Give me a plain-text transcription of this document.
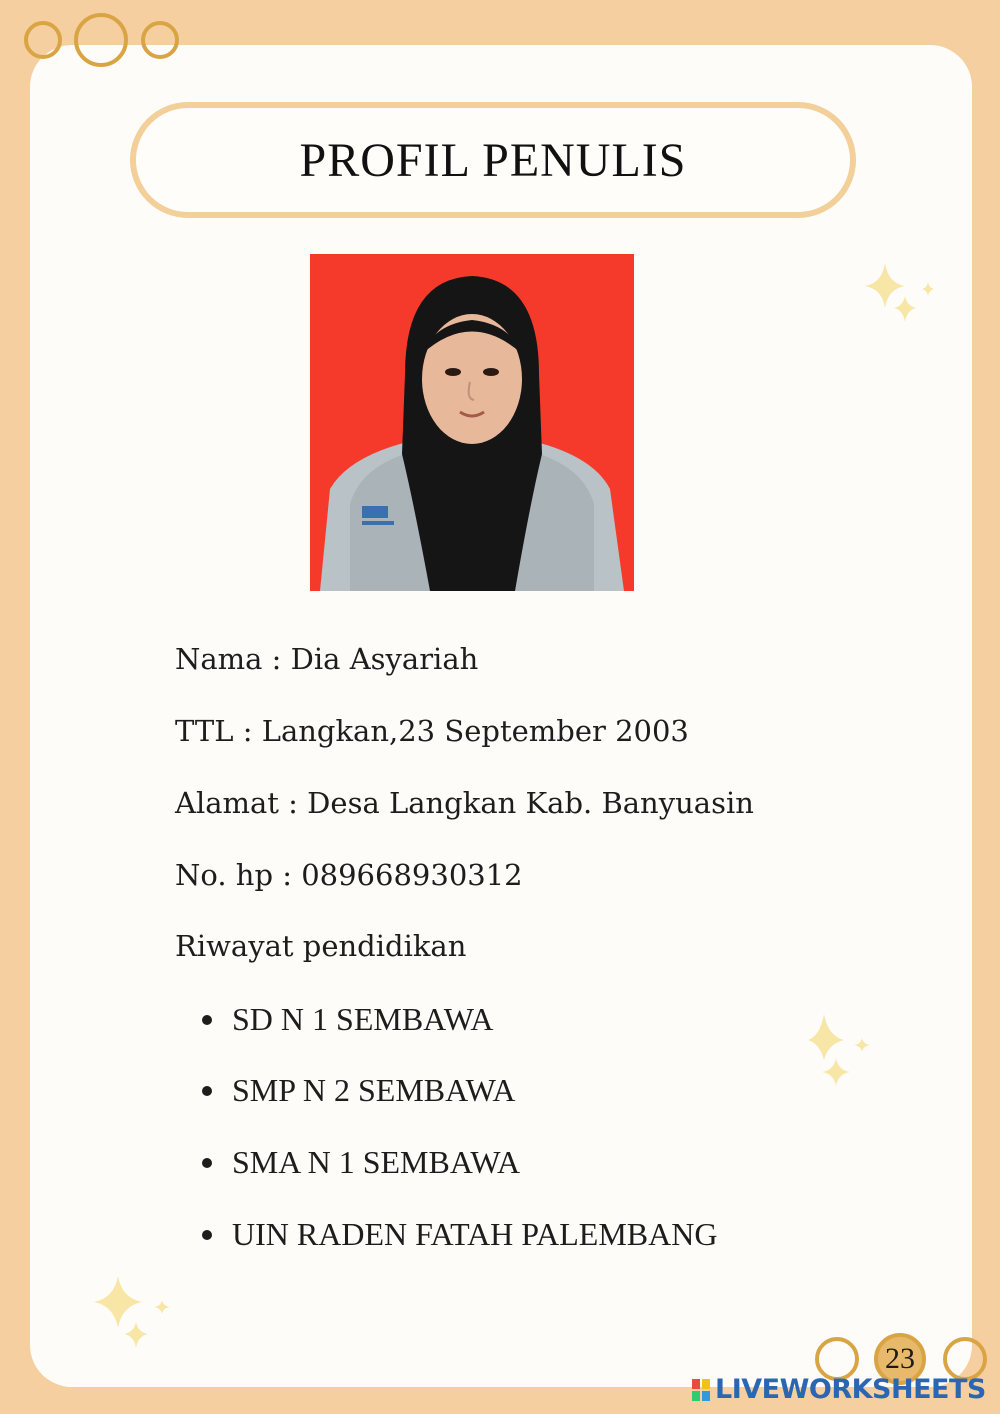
PROFIL PENULIS
Nama : Dia Asyariah
TTL : Langkan,23 September 2003
Alamat : Desa Langkan Kab. Banyuasin
No. hp : 089668930312
Riwayat pendidikan
SD N 1 SEMBAWA
SMP N 2 SEMBAWA
SMA N 1 SEMBAWA
UIN RADEN FATAH PALEMBANG
23
LIVEWORKSHEETS
